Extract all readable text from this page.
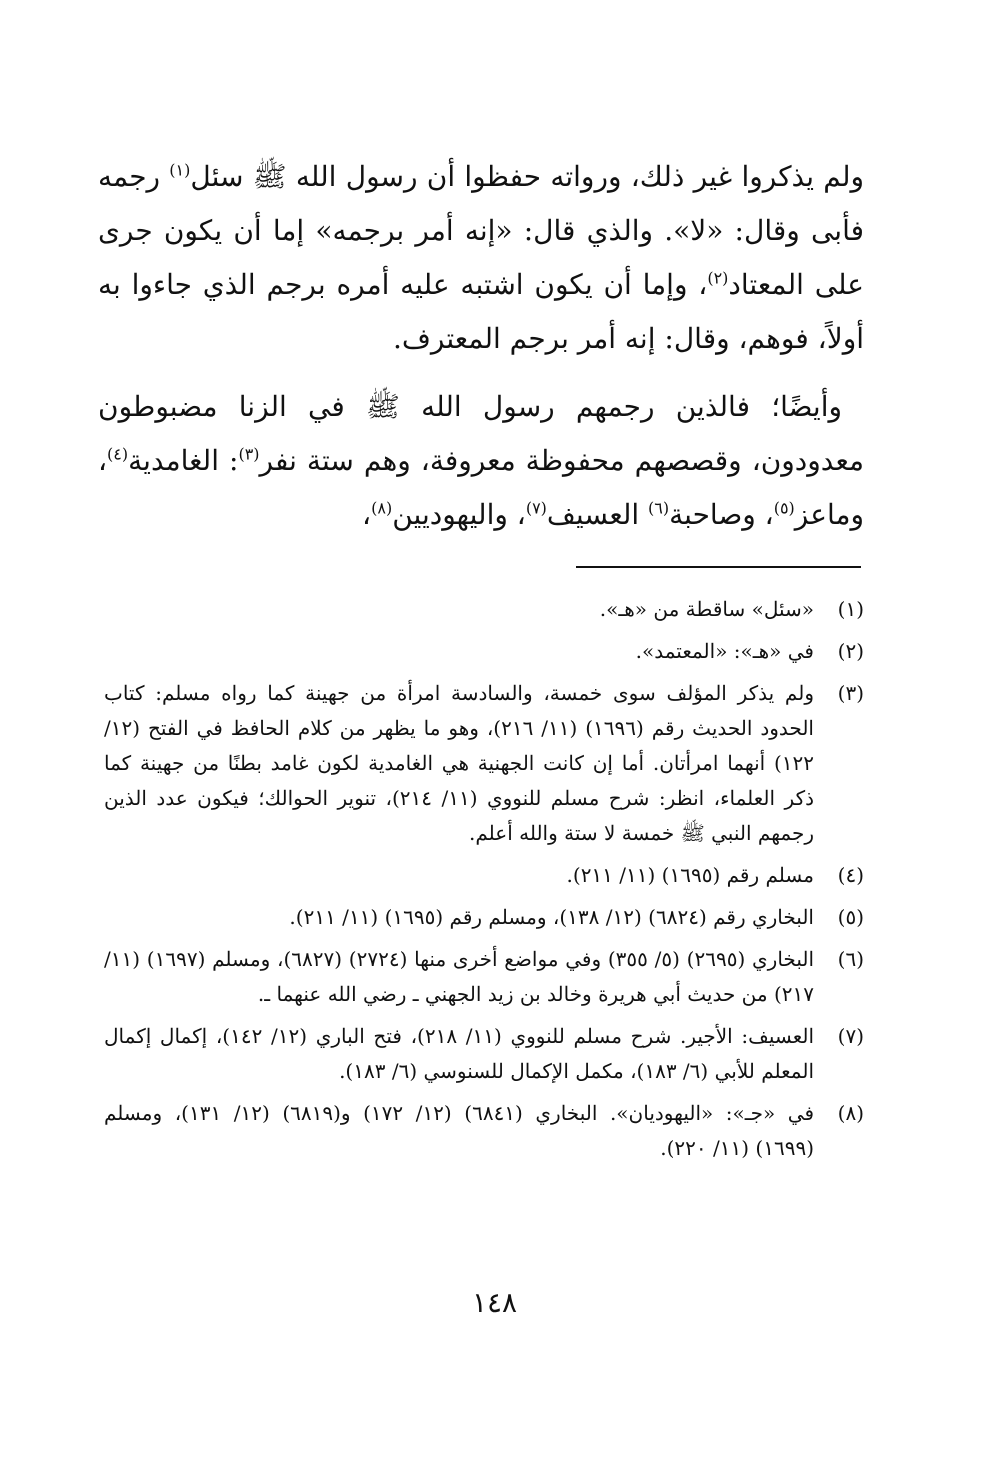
ولم يذكروا غير ذلك، ورواته حفظوا أن رسول الله ﷺ سئل$^{(١)}$ رجمه فأبى وقال: «لا». والذي قال: «إنه أمر برجمه» إما أن يكون جرى على المعتاد$^{(٢)}$، وإما أن يكون اشتبه عليه أمره برجم الذي جاءوا به أولاً، فوهم، وقال: إنه أمر برجم المعترف.

وأيضًا؛ فالذين رجمهم رسول الله ﷺ في الزنا مضبوطون معدودون، وقصصهم محفوظة معروفة، وهم ستة نفر$^{(٣)}$: الغامدية$^{(٤)}$، وماعز$^{(٥)}$، وصاحبة$^{(٦)}$ العسيف$^{(٧)}$، واليهوديين$^{(٨)}$،

(١)
«سئل» ساقطة من «هـ».
(٢)
في «هـ»: «المعتمد».
(٣)
ولم يذكر المؤلف سوى خمسة، والسادسة امرأة من جهينة كما رواه مسلم: كتاب الحدود الحديث رقم (١٦٩٦) (١١/ ٢١٦)، وهو ما يظهر من كلام الحافظ في الفتح (١٢/ ١٢٢) أنهما امرأتان. أما إن كانت الجهنية هي الغامدية لكون غامد بطنًا من جهينة كما ذكر العلماء، انظر: شرح مسلم للنووي (١١/ ٢١٤)، تنوير الحوالك؛ فيكون عدد الذين رجمهم النبي ﷺ خمسة لا ستة والله أعلم.
(٤)
مسلم رقم (١٦٩٥) (١١/ ٢١١).
(٥)
البخاري رقم (٦٨٢٤) (١٢/ ١٣٨)، ومسلم رقم (١٦٩٥) (١١/ ٢١١).
(٦)
البخاري (٢٦٩٥) (٥/ ٣٥٥) وفي مواضع أخرى منها (٢٧٢٤) (٦٨٢٧)، ومسلم (١٦٩٧) (١١/ ٢١٧) من حديث أبي هريرة وخالد بن زيد الجهني ـ رضي الله عنهما ـ.
(٧)
العسيف: الأجير. شرح مسلم للنووي (١١/ ٢١٨)، فتح الباري (١٢/ ١٤٢)، إكمال إكمال المعلم للأبي (٦/ ١٨٣)، مكمل الإكمال للسنوسي (٦/ ١٨٣).
(٨)
في «جـ»: «اليهوديان». البخاري (٦٨٤١) (١٢/ ١٧٢) و(٦٨١٩) (١٢/ ١٣١)، ومسلم (١٦٩٩) (١١/ ٢٢٠).
١٤٨
